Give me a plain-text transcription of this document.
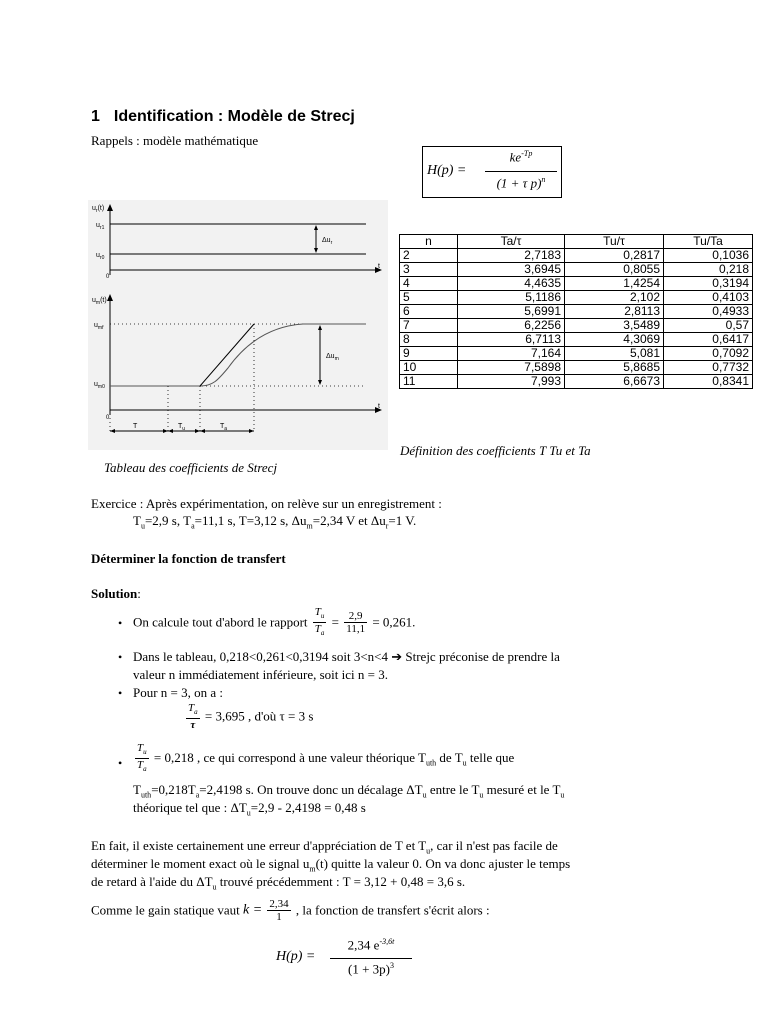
1 Identification : Modèle de Strecj
Rappels : modèle mathématique
H(p) =
$ke^{-Tp}$
(1 + τ p)$^n$
$u_r(t)$
$u_{r1}$
$u_{r0}$
$\Delta u_r$
0
t
$u_m(t)$
$u_{mf}$
$u_{m0}$
$\Delta u_m$
0
t
T	$T_u$	$T_a$
n	Ta/τ	Tu/τ	Tu/Ta
2	2,7183	0,2817	0,1036
3	3,6945	0,8055	0,218
4	4,4635	1,4254	0,3194
5	5,1186	2,102	0,4103
6	5,6991	2,8113	0,4933
7	6,2256	3,5489	0,57
8	6,7113	4,3069	0,6417
9	7,164	5,081	0,7092
10	7,5898	5,8685	0,7732
11	7,993	6,6673	0,8341
Définition des coefficients T Tu et Ta
Tableau des coefficients de Strecj
Exercice : Après expérimentation, on relève sur un enregistrement :
$T_u=2,9$ s, $T_a=11,1$ s, T=3,12 s, $\Delta u_m=2,34$ V et $\Delta u_r=1$ V.
Déterminer la fonction de transfert
Solution:
• On calcule tout d'abord le rapport $\frac{T_u}{T_a} = \frac{2,9}{11,1} = 0,261$.
• Dans le tableau, 0,218<0,261<0,3194 soit 3<n<4 ➔ Strejc préconise de prendre la
valeur n immédiatement inférieure, soit ici n = 3.
• Pour n = 3, on a :
$\frac{T_a}{\tau} = 3,695$ , d'où τ = 3 s
• $\frac{T_u}{T_a} = 0,218$ , ce qui correspond à une valeur théorique $T_{uth}$ de $T_u$ telle que
$T_{uth}=0,218T_a=2,4198$ s. On trouve donc un décalage $\Delta T_u$ entre le $T_u$ mesuré et le $T_u$
théorique tel que : $\Delta T_u=2,9 - 2,4198 = 0,48$ s
En fait, il existe certainement une erreur d'appréciation de T et $T_u$, car il n'est pas facile de
déterminer le moment exact où le signal $u_m(t)$ quitte la valeur 0. On va donc ajuster le temps
de retard à l'aide du $\Delta T_u$ trouvé précédemment : T = 3,12 + 0,48 = 3,6 s.
Comme le gain statique vaut $k = \frac{2,34}{1}$ , la fonction de transfert s'écrit alors :
H(p) =
2,34 $e^{-3,6t}$
$(1 + 3p)^3$
